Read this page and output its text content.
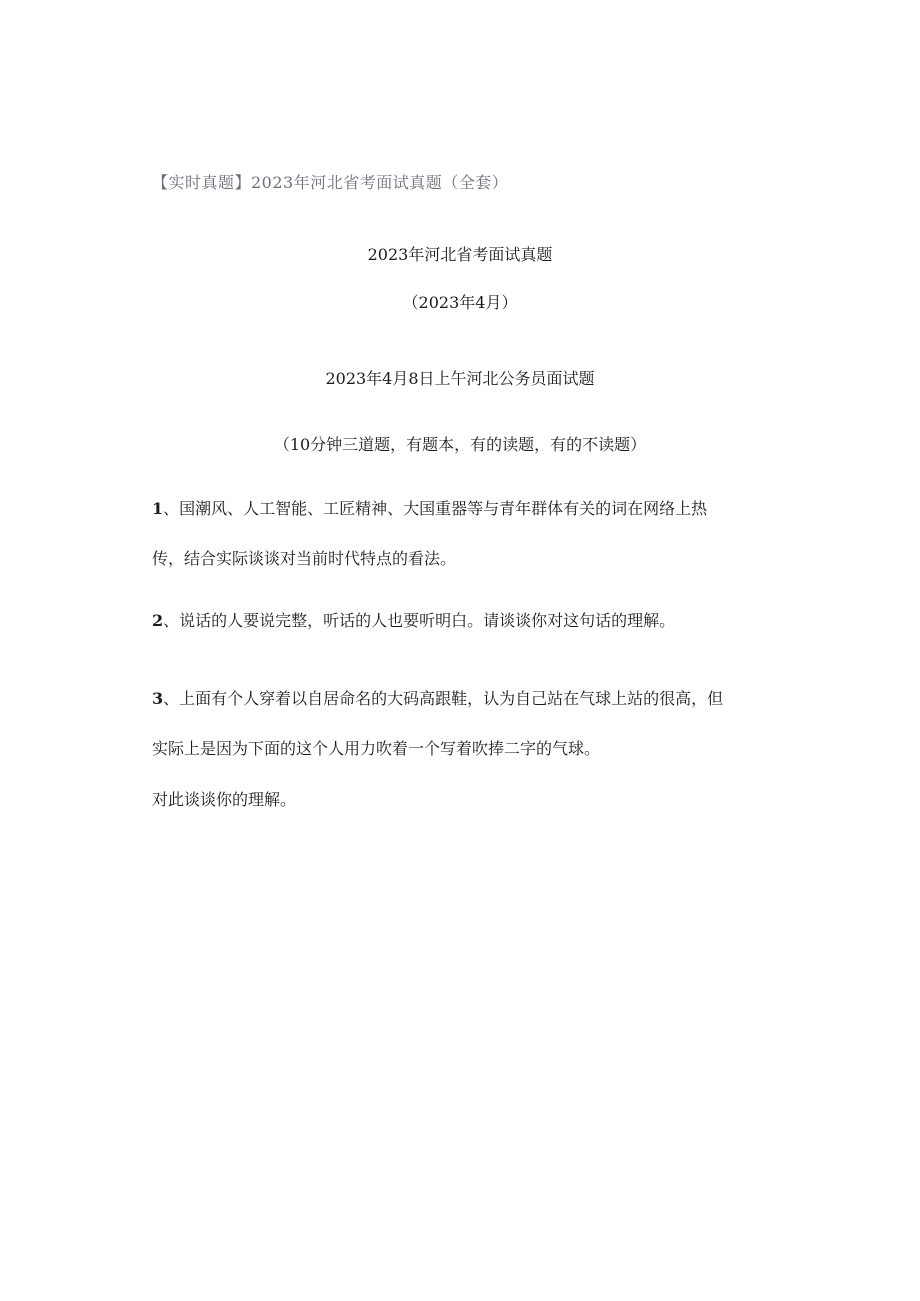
【实时真题】2023年河北省考面试真题（全套）
2023年河北省考面试真题
（2023年4月）
2023年4月8日上午河北公务员面试题
（10分钟三道题，有题本，有的读题，有的不读题）
1、国潮风、人工智能、工匠精神、大国重器等与青年群体有关的词在网络上热
传，结合实际谈谈对当前时代特点的看法。
2、说话的人要说完整，听话的人也要听明白。请谈谈你对这句话的理解。
3、上面有个人穿着以自居命名的大码高跟鞋，认为自己站在气球上站的很高，但
实际上是因为下面的这个人用力吹着一个写着吹捧二字的气球。
对此谈谈你的理解。
